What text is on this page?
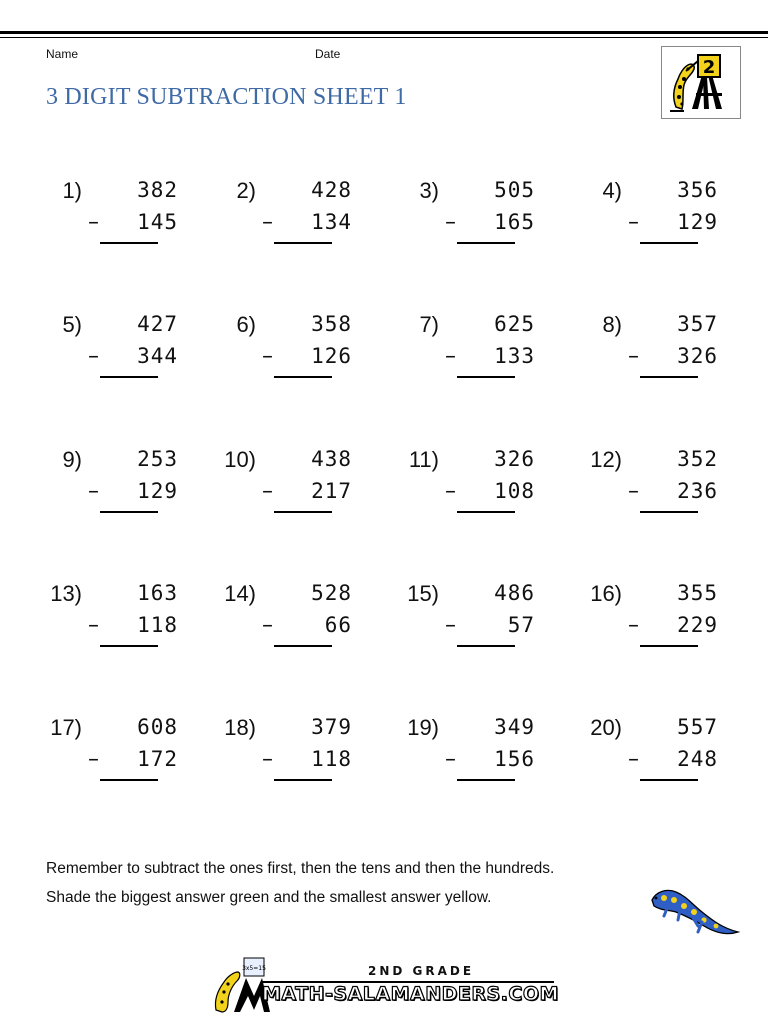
Name	Date
3 DIGIT SUBTRACTION SHEET 1
2
1)	382
–	145
2)	428
–	134
3)	505
–	165
4)	356
–	129
5)	427
–	344
6)	358
–	126
7)	625
–	133
8)	357
–	326
9)	253
–	129
10)	438
–	217
11)	326
–	108
12)	352
–	236
13)	163
–	118
14)	528
–	66
15)	486
–	57
16)	355
–	229
17)	608
–	172
18)	379
–	118
19)	349
–	156
20)	557
–	248
Remember to subtract the ones first, then the tens and then the hundreds.
Shade the biggest answer green and the smallest answer yellow.
3x5=15	2ND GRADE
MATH-SALAMANDERS.COM
